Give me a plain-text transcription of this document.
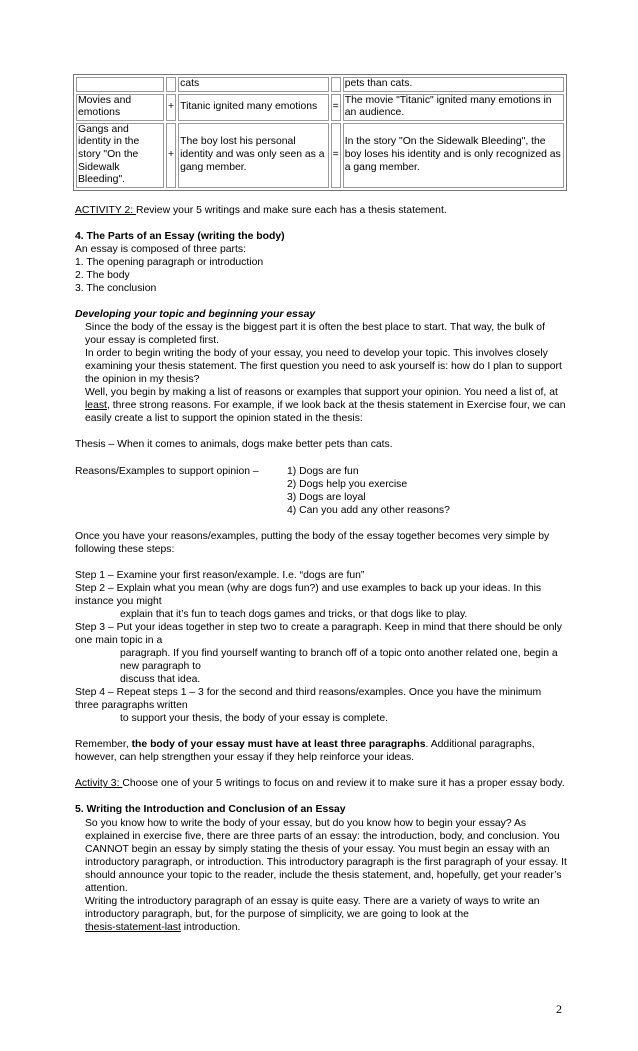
		cats		pets than cats.
Movies and emotions	+	Titanic ignited many emotions	=	The movie "Titanic" ignited many emotions in an audience.
Gangs and identity in the story "On the Sidewalk Bleeding".	+	The boy lost his personal identity and was only seen as a gang member.	=	In the story "On the Sidewalk Bleeding", the boy loses his identity and is only recognized as a gang member.

ACTIVITY 2: Review your 5 writings and make sure each has a thesis statement.

4. The Parts of an Essay (writing the body)

An essay is composed of three parts:

1. The opening paragraph or introduction

2. The body

3. The conclusion

Developing your topic and beginning your essay

Since the body of the essay is the biggest part it is often the best place to start. That way, the bulk of your essay is completed first.

In order to begin writing the body of your essay, you need to develop your topic. This involves closely examining your thesis statement. The first question you need to ask yourself is: how do I plan to support the opinion in my thesis?

Well, you begin by making a list of reasons or examples that support your opinion. You need a list of, at least, three strong reasons. For example, if we look back at the thesis statement in Exercise four, we can easily create a list to support the opinion stated in the thesis:

Thesis – When it comes to animals, dogs make better pets than cats.

Reasons/Examples to support opinion –	1) Dogs are fun
2) Dogs help you exercise
3) Dogs are loyal
4) Can you add any other reasons?

Once you have your reasons/examples, putting the body of the essay together becomes very simple by following these steps:

Step 1 – Examine your first reason/example. I.e. “dogs are fun”

Step 2 – Explain what you mean (why are dogs fun?) and use examples to back up your ideas. In this instance you might

explain that it’s fun to teach dogs games and tricks, or that dogs like to play.

Step 3 – Put your ideas together in step two to create a paragraph. Keep in mind that there should be only one main topic in a

paragraph. If you find yourself wanting to branch off of a topic onto another related one, begin a new paragraph to

discuss that idea.

Step 4 – Repeat steps 1 – 3 for the second and third reasons/examples. Once you have the minimum three paragraphs written

to support your thesis, the body of your essay is complete.

Remember, the body of your essay must have at least three paragraphs. Additional paragraphs, however, can help strengthen your essay if they help reinforce your ideas.

Activity 3: Choose one of your 5 writings to focus on and review it to make sure it has a proper essay body.

5. Writing the Introduction and Conclusion of an Essay

So you know how to write the body of your essay, but do you know how to begin your essay? As explained in exercise five, there are three parts of an essay: the introduction, body, and conclusion. You CANNOT begin an essay by simply stating the thesis of your essay. You must begin an essay with an introductory paragraph, or introduction. This introductory paragraph is the first paragraph of your essay. It should announce your topic to the reader, include the thesis statement, and, hopefully, get your reader’s attention.

Writing the introductory paragraph of an essay is quite easy. There are a variety of ways to write an introductory paragraph, but, for the purpose of simplicity, we are going to look at the
thesis-statement-last introduction.

2
